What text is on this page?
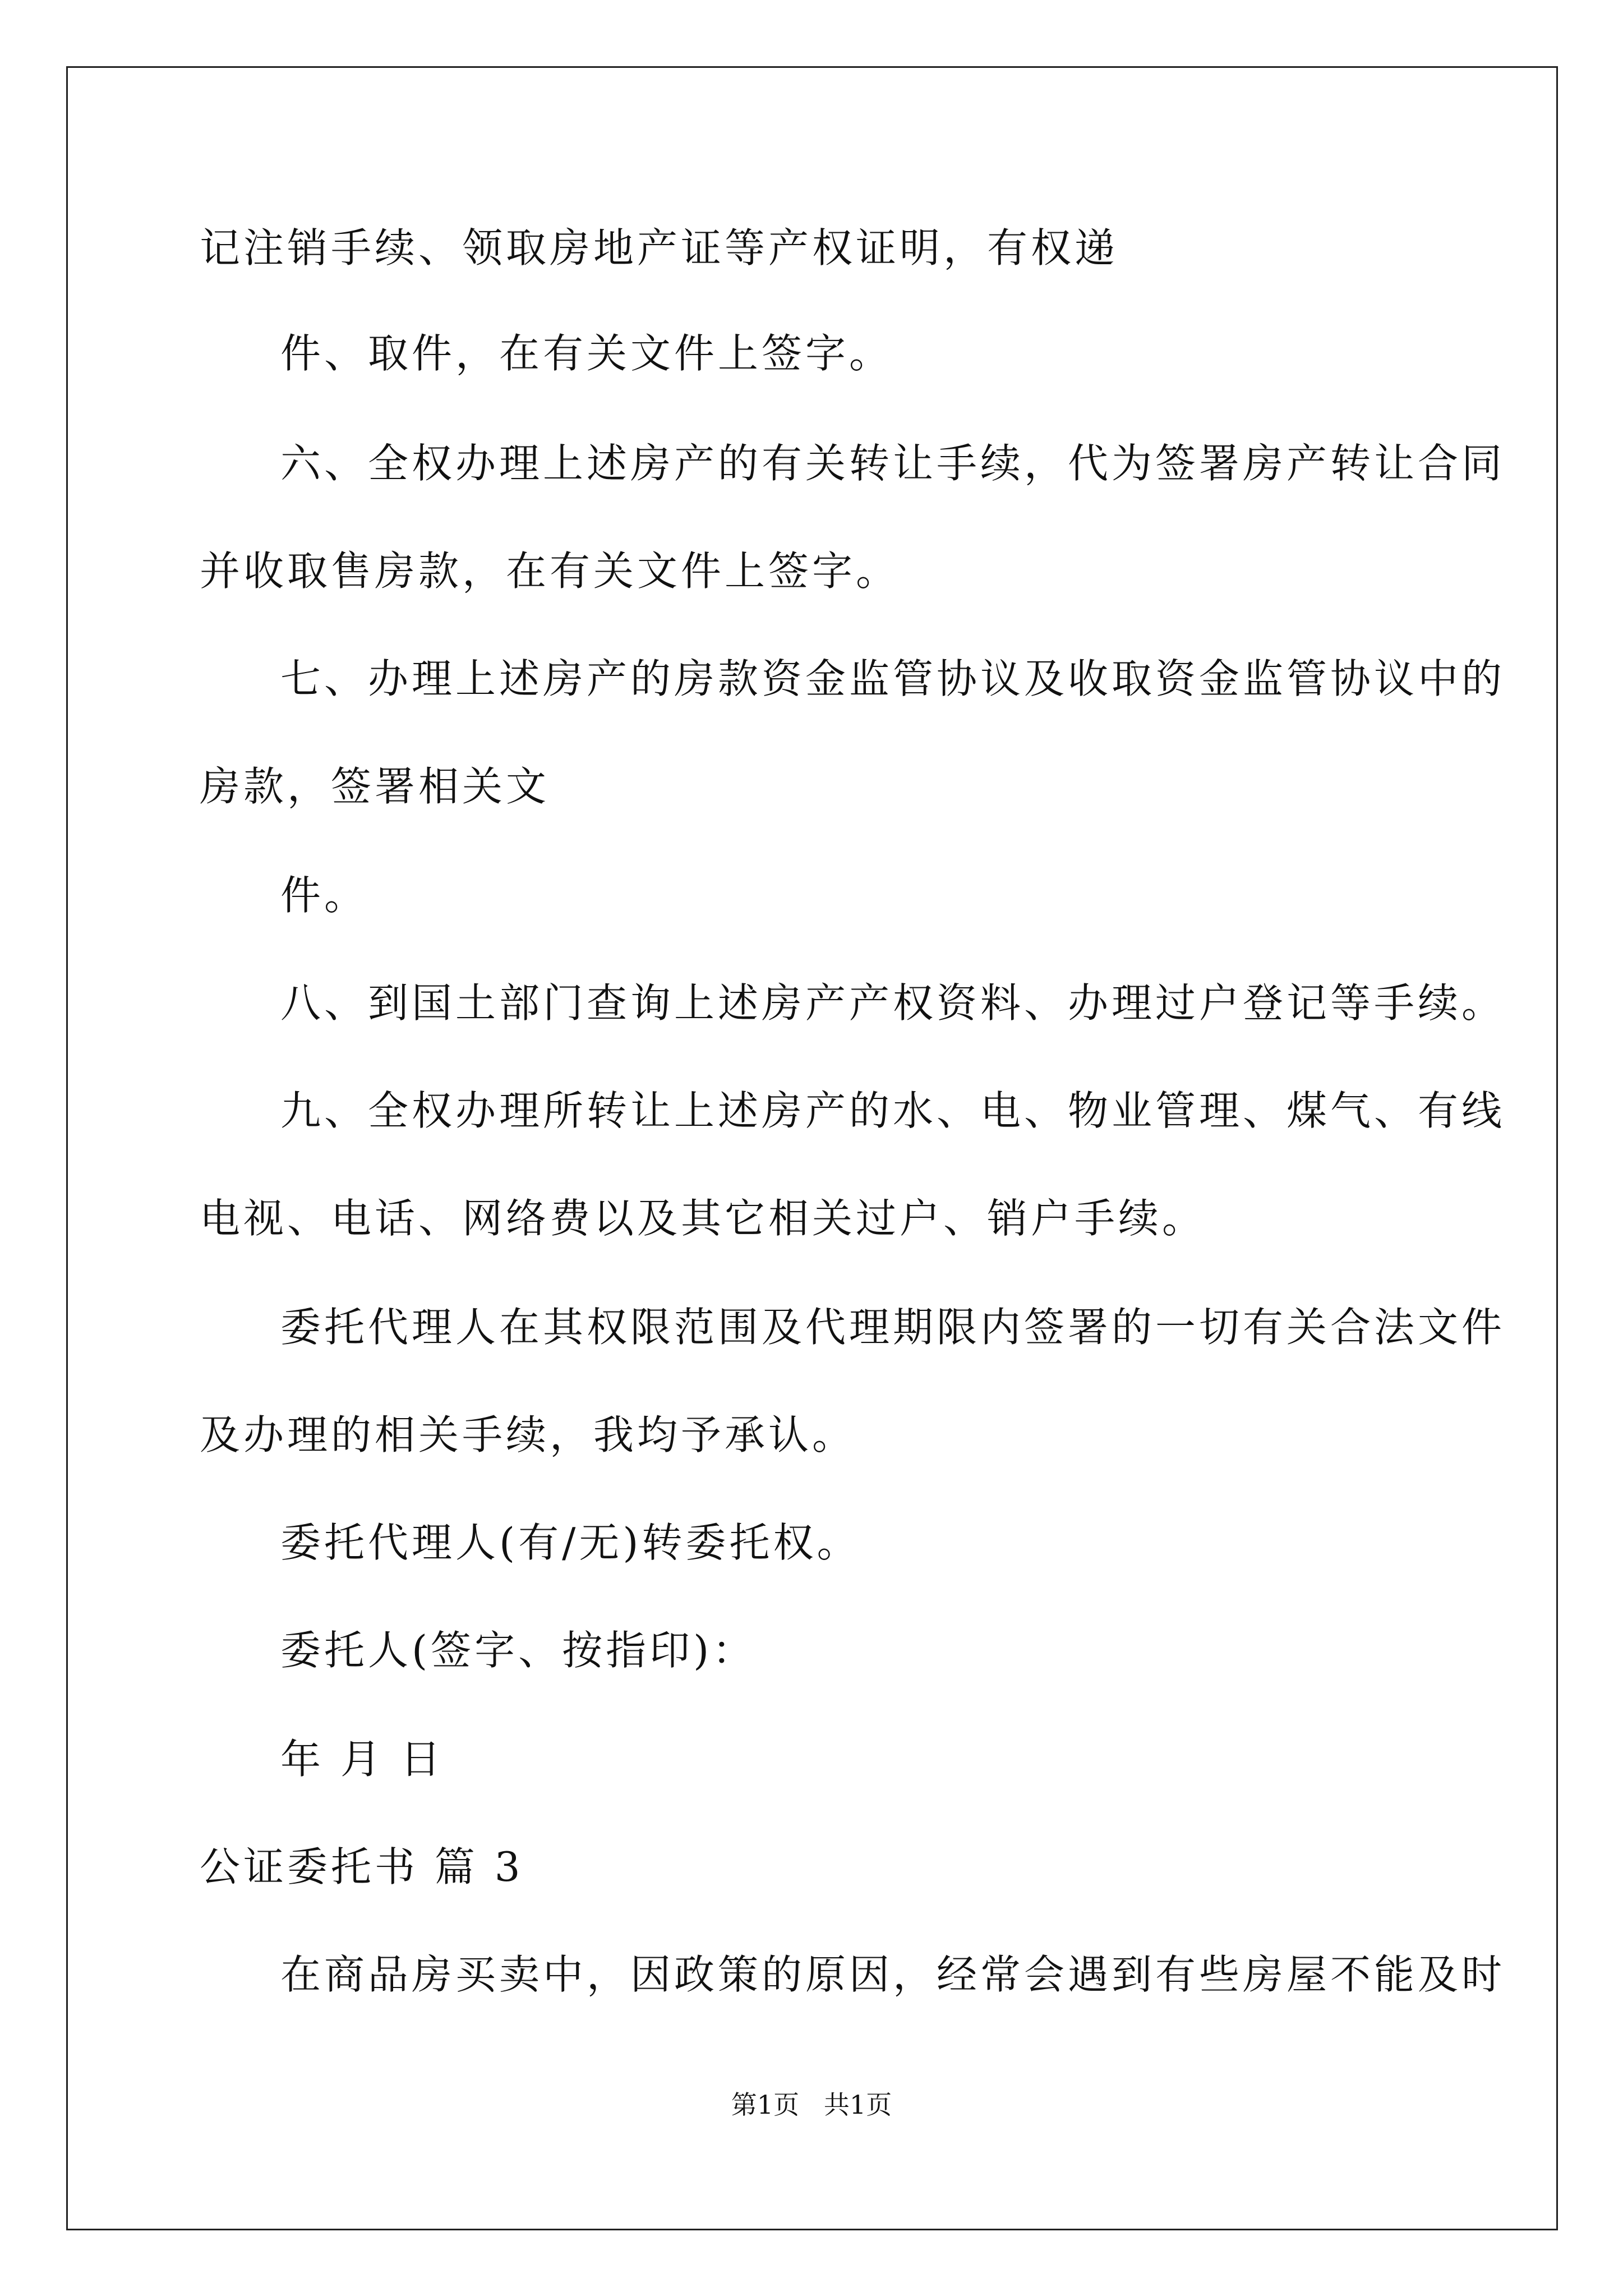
记注销手续、领取房地产证等产权证明，有权递
件、取件，在有关文件上签字。
六、全权办理上述房产的有关转让手续，代为签署房产转让合同
并收取售房款，在有关文件上签字。
七、办理上述房产的房款资金监管协议及收取资金监管协议中的
房款，签署相关文
件。
八、到国土部门查询上述房产产权资料、办理过户登记等手续。
九、全权办理所转让上述房产的水、电、物业管理、煤气、有线
电视、电话、网络费以及其它相关过户、销户手续。
委托代理人在其权限范围及代理期限内签署的一切有关合法文件
及办理的相关手续，我均予承认。
委托代理人(有/无)转委托权。
委托人(签字、按指印)：
年 月 日
公证委托书 篇 3
在商品房买卖中，因政策的原因，经常会遇到有些房屋不能及时
第1页   共1页
